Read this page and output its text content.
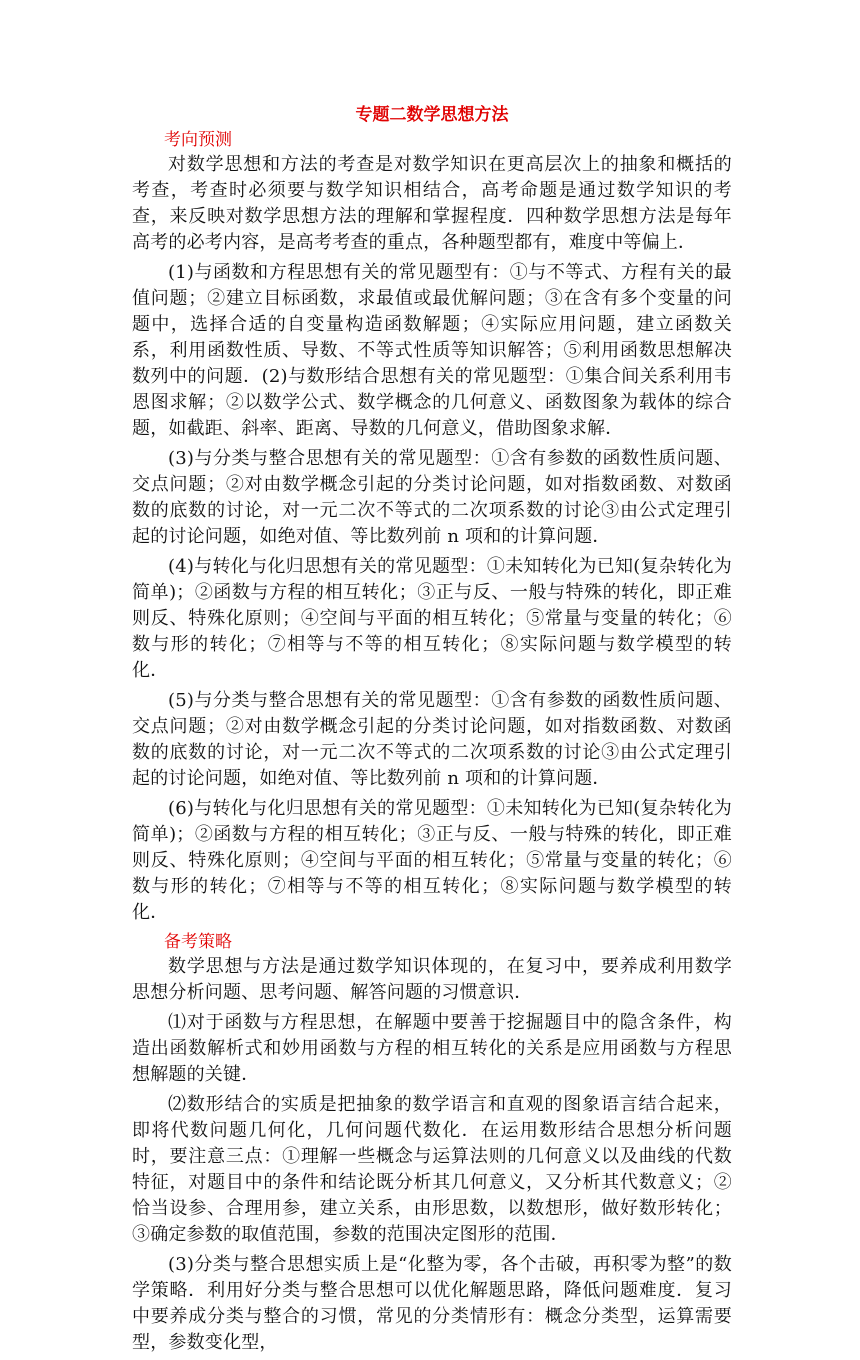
专题二数学思想方法
考向预测

对数学思想和方法的考查是对数学知识在更高层次上的抽象和概括的考查，考查时必须要与数学知识相结合，高考命题是通过数学知识的考查，来反映对数学思想方法的理解和掌握程度．四种数学思想方法是每年高考的必考内容，是高考考查的重点，各种题型都有，难度中等偏上．

(1)与函数和方程思想有关的常见题型有：①与不等式、方程有关的最值问题；②建立目标函数，求最值或最优解问题；③在含有多个变量的问题中，选择合适的自变量构造函数解题；④实际应用问题，建立函数关系，利用函数性质、导数、不等式性质等知识解答；⑤利用函数思想解决数列中的问题．(2)与数形结合思想有关的常见题型：①集合间关系利用韦恩图求解；②以数学公式、数学概念的几何意义、函数图象为载体的综合题，如截距、斜率、距离、导数的几何意义，借助图象求解．

(3)与分类与整合思想有关的常见题型：①含有参数的函数性质问题、交点问题；②对由数学概念引起的分类讨论问题，如对指数函数、对数函数的底数的讨论，对一元二次不等式的二次项系数的讨论③由公式定理引起的讨论问题，如绝对值、等比数列前 n 项和的计算问题．

(4)与转化与化归思想有关的常见题型：①未知转化为已知(复杂转化为简单)；②函数与方程的相互转化；③正与反、一般与特殊的转化，即正难则反、特殊化原则；④空间与平面的相互转化；⑤常量与变量的转化；⑥数与形的转化；⑦相等与不等的相互转化；⑧实际问题与数学模型的转化．

(5)与分类与整合思想有关的常见题型：①含有参数的函数性质问题、交点问题；②对由数学概念引起的分类讨论问题，如对指数函数、对数函数的底数的讨论，对一元二次不等式的二次项系数的讨论③由公式定理引起的讨论问题，如绝对值、等比数列前 n 项和的计算问题．

(6)与转化与化归思想有关的常见题型：①未知转化为已知(复杂转化为简单)；②函数与方程的相互转化；③正与反、一般与特殊的转化，即正难则反、特殊化原则；④空间与平面的相互转化；⑤常量与变量的转化；⑥数与形的转化；⑦相等与不等的相互转化；⑧实际问题与数学模型的转化．

备考策略

数学思想与方法是通过数学知识体现的，在复习中，要养成利用数学思想分析问题、思考问题、解答问题的习惯意识．

⑴对于函数与方程思想，在解题中要善于挖掘题目中的隐含条件，构造出函数解析式和妙用函数与方程的相互转化的关系是应用函数与方程思想解题的关键．

⑵数形结合的实质是把抽象的数学语言和直观的图象语言结合起来，即将代数问题几何化，几何问题代数化．在运用数形结合思想分析问题时，要注意三点：①理解一些概念与运算法则的几何意义以及曲线的代数特征，对题目中的条件和结论既分析其几何意义，又分析其代数意义；②恰当设参、合理用参，建立关系，由形思数，以数想形，做好数形转化；③确定参数的取值范围，参数的范围决定图形的范围．

(3)分类与整合思想实质上是“化整为零，各个击破，再积零为整”的数学策略．利用好分类与整合思想可以优化解题思路，降低问题难度．复习中要养成分类与整合的习惯，常见的分类情形有：概念分类型，运算需要型，参数变化型，
